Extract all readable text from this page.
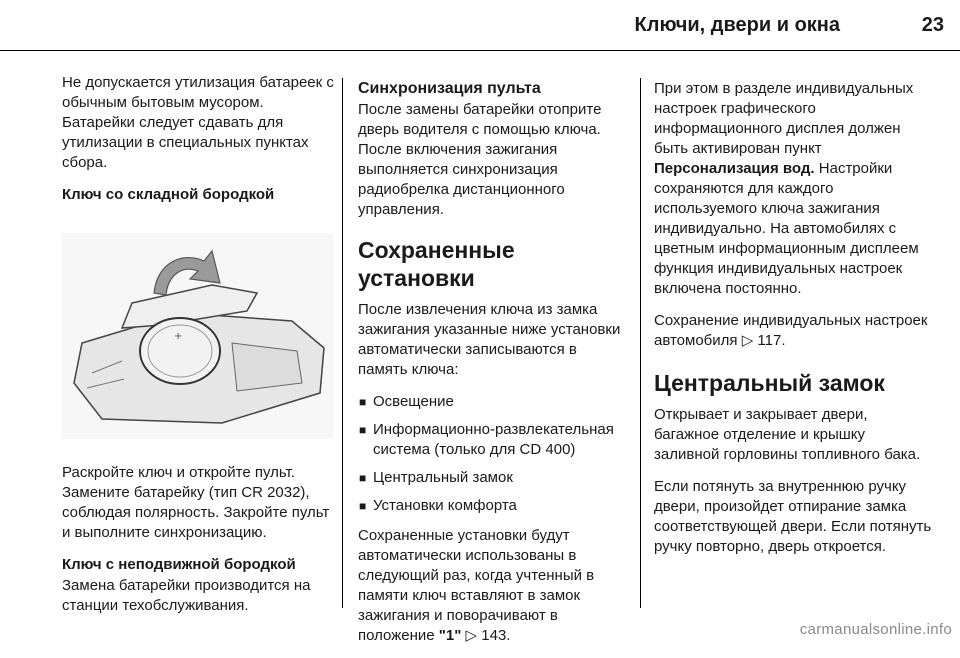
Ключи, двери и окна	23

Не допускается утилизация батареек с обычным бытовым мусором. Батарейки следует сдавать для утилизации в специальных пунктах сбора.

Ключ со складной бородкой
+

Раскройте ключ и откройте пульт. Замените батарейку (тип CR 2032), соблюдая полярность. Закройте пульт и выполните синхронизацию.

Ключ с неподвижной бородкой

Замена батарейки производится на станции техобслуживания.

Синхронизация пульта

После замены батарейки отоприте дверь водителя с помощью ключа. После включения зажигания выполняется синхронизация радиобрелка дистанционного управления.

Сохраненные установки

После извлечения ключа из замка зажигания указанные ниже установки автоматически записываются в память ключа:

■ Освещение
■ Информационно-развлекательная система (только для CD 400)
■ Центральный замок
■ Установки комфорта

Сохраненные установки будут автоматически использованы в следующий раз, когда учтенный в памяти ключ вставляют в замок зажигания и поворачивают в положение "1" ▷ 143.

При этом в разделе индивидуальных настроек графического информационного дисплея должен быть активирован пункт Персонализация вод. Настройки сохраняются для каждого используемого ключа зажигания индивидуально. На автомобилях с цветным информационным дисплеем функция индивидуальных настроек включена постоянно.

Сохранение индивидуальных настроек автомобиля ▷ 117.

Центральный замок

Открывает и закрывает двери, багажное отделение и крышку заливной горловины топливного бака.

Если потянуть за внутреннюю ручку двери, произойдет отпирание замка соответствующей двери. Если потянуть ручку повторно, дверь откроется.

carmanualsonline.info
